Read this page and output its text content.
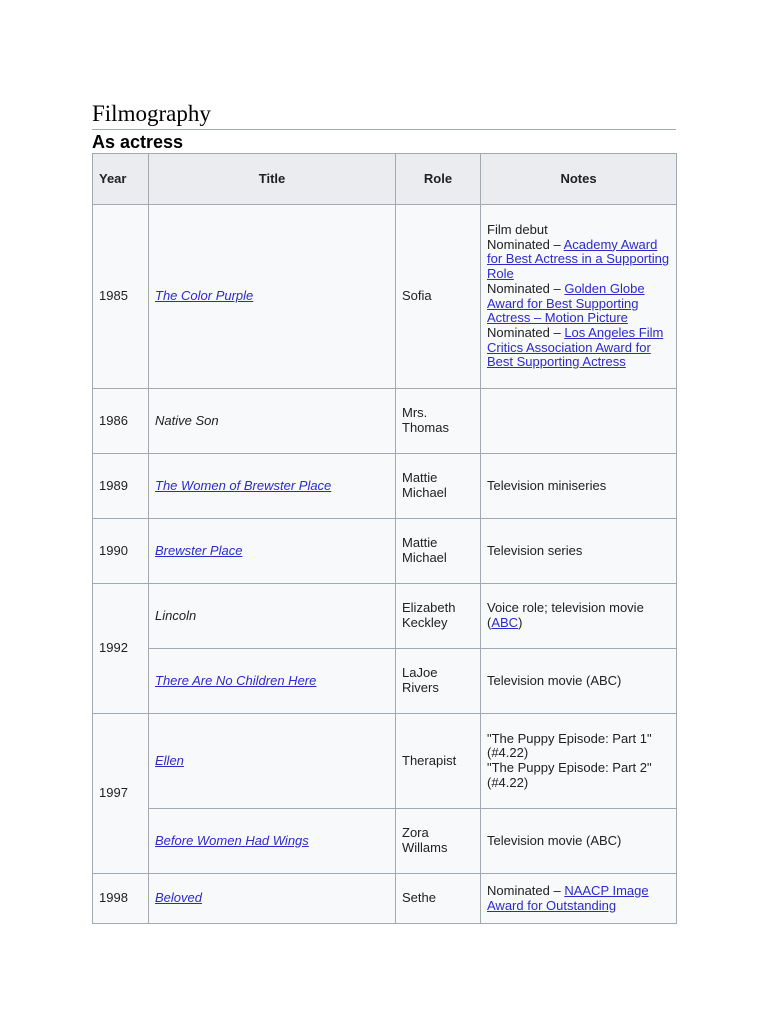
Filmography
As actress
Year	Title	Role	Notes
1985	The Color Purple	Sofia	Film debut
Nominated – Academy Award for Best Actress in a Supporting Role
Nominated – Golden Globe Award for Best Supporting Actress – Motion Picture
Nominated – Los Angeles Film Critics Association Award for Best Supporting Actress
1986	Native Son	Mrs. Thomas	
1989	The Women of Brewster Place	Mattie Michael	Television miniseries
1990	Brewster Place	Mattie Michael	Television series
1992	Lincoln	Elizabeth Keckley	Voice role; television movie (ABC)
	There Are No Children Here	LaJoe Rivers	Television movie (ABC)
1997	Ellen	Therapist	"The Puppy Episode: Part 1" (#4.22)
"The Puppy Episode: Part 2" (#4.22)

	Before Women Had Wings	Zora Willams	Television movie (ABC)
1998	Beloved	Sethe	Nominated – NAACP Image Award for Outstanding
